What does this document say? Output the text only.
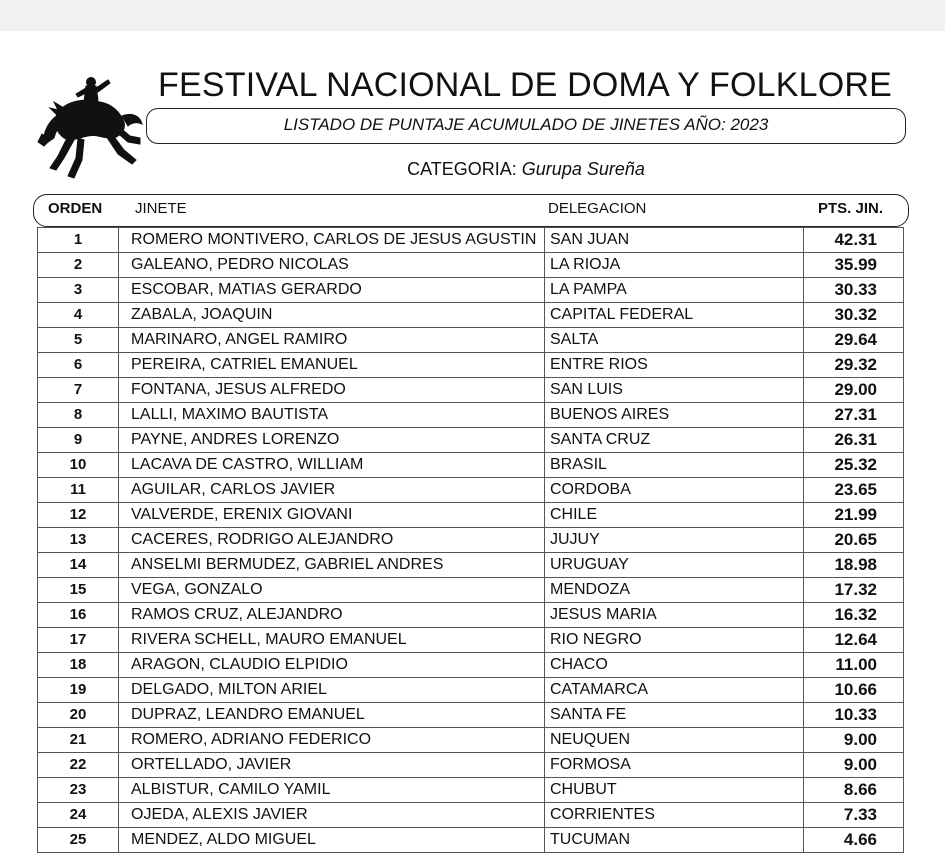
FESTIVAL NACIONAL DE DOMA Y FOLKLORE
LISTADO DE PUNTAJE ACUMULADO DE JINETES AÑO: 2023
CATEGORIA: Gurupa Sureña
ORDEN JINETE	DELEGACION	PTS. JIN.
1	ROMERO MONTIVERO, CARLOS DE JESUS AGUSTIN	SAN JUAN	42.31
2	GALEANO, PEDRO NICOLAS	LA RIOJA	35.99
3	ESCOBAR, MATIAS GERARDO	LA PAMPA	30.33
4	ZABALA, JOAQUIN	CAPITAL FEDERAL	30.32
5	MARINARO, ANGEL RAMIRO	SALTA	29.64
6	PEREIRA, CATRIEL EMANUEL	ENTRE RIOS	29.32
7	FONTANA, JESUS ALFREDO	SAN LUIS	29.00
8	LALLI, MAXIMO BAUTISTA	BUENOS AIRES	27.31
9	PAYNE, ANDRES LORENZO	SANTA CRUZ	26.31
10	LACAVA DE CASTRO, WILLIAM	BRASIL	25.32
11	AGUILAR, CARLOS JAVIER	CORDOBA	23.65
12	VALVERDE, ERENIX GIOVANI	CHILE	21.99
13	CACERES, RODRIGO ALEJANDRO	JUJUY	20.65
14	ANSELMI BERMUDEZ, GABRIEL ANDRES	URUGUAY	18.98
15	VEGA, GONZALO	MENDOZA	17.32
16	RAMOS CRUZ, ALEJANDRO	JESUS MARIA	16.32
17	RIVERA SCHELL, MAURO EMANUEL	RIO NEGRO	12.64
18	ARAGON, CLAUDIO ELPIDIO	CHACO	11.00
19	DELGADO, MILTON ARIEL	CATAMARCA	10.66
20	DUPRAZ, LEANDRO EMANUEL	SANTA FE	10.33
21	ROMERO, ADRIANO FEDERICO	NEUQUEN	9.00
22	ORTELLADO, JAVIER	FORMOSA	9.00
23	ALBISTUR, CAMILO YAMIL	CHUBUT	8.66
24	OJEDA, ALEXIS JAVIER	CORRIENTES	7.33
25	MENDEZ, ALDO MIGUEL	TUCUMAN	4.66
